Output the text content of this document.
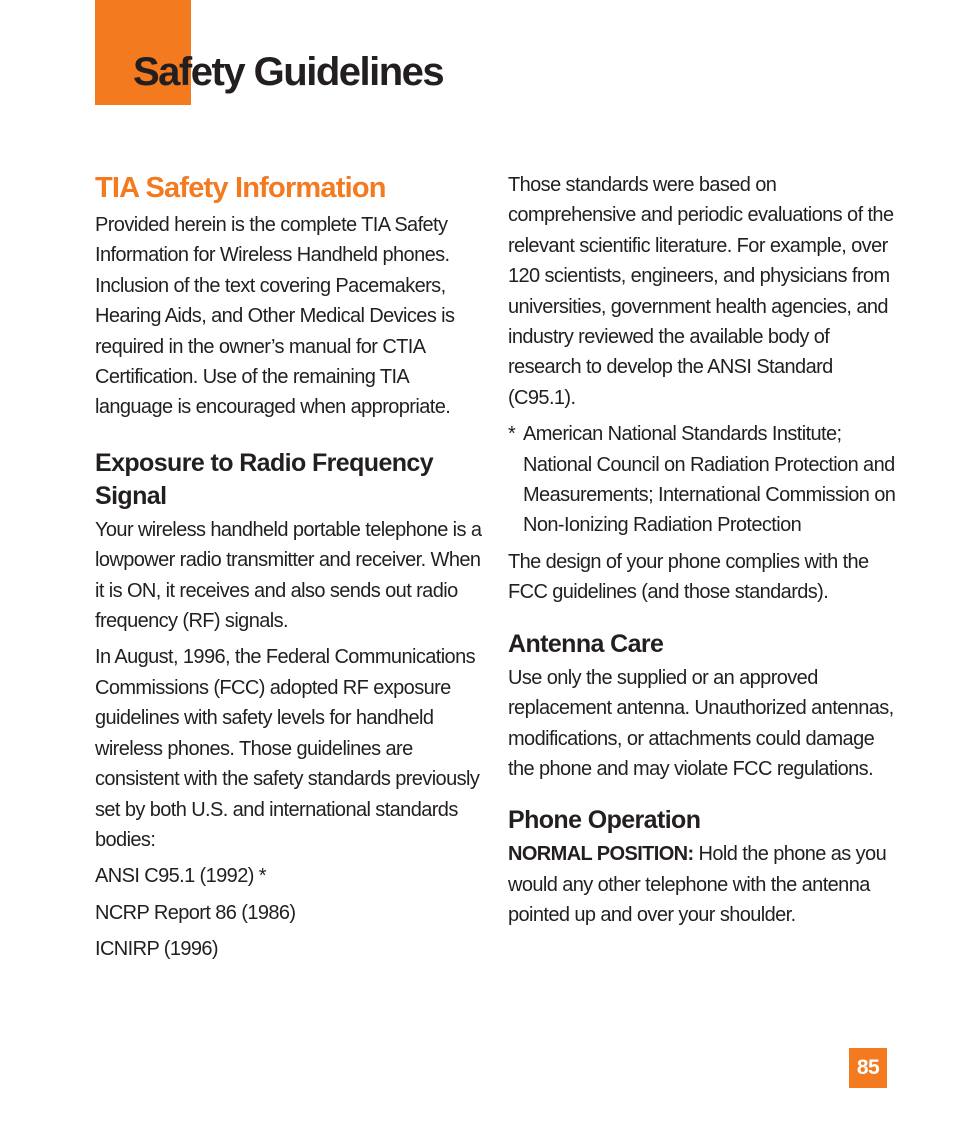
Safety Guidelines
TIA Safety Information

Provided herein is the complete TIA Safety Information for Wireless Handheld phones. Inclusion of the text covering Pacemakers, Hearing Aids, and Other Medical Devices is required in the owner’s manual for CTIA Certification. Use of the remaining TIA language is encouraged when appropriate.

Exposure to Radio Frequency Signal

Your wireless handheld portable telephone is a lowpower radio transmitter and receiver. When it is ON, it receives and also sends out radio frequency (RF) signals.

In August, 1996, the Federal Communications Commissions (FCC) adopted RF exposure guidelines with safety levels for handheld wireless phones. Those guidelines are consistent with the safety standards previously set by both U.S. and international standards bodies:

ANSI C95.1 (1992) *

NCRP Report 86 (1986)

ICNIRP (1996)

Those standards were based on comprehensive and periodic evaluations of the relevant scientific literature. For example, over 120 scientists, engineers, and physicians from universities, government health agencies, and industry reviewed the available body of research to develop the ANSI Standard (C95.1).

* American National Standards Institute; National Council on Radiation Protection and Measurements; International Commission on Non-Ionizing Radiation Protection

The design of your phone complies with the FCC guidelines (and those standards).

Antenna Care

Use only the supplied or an approved replacement antenna. Unauthorized antennas, modifications, or attachments could damage the phone and may violate FCC regulations.

Phone Operation

NORMAL POSITION: Hold the phone as you would any other telephone with the antenna pointed up and over your shoulder.

85
